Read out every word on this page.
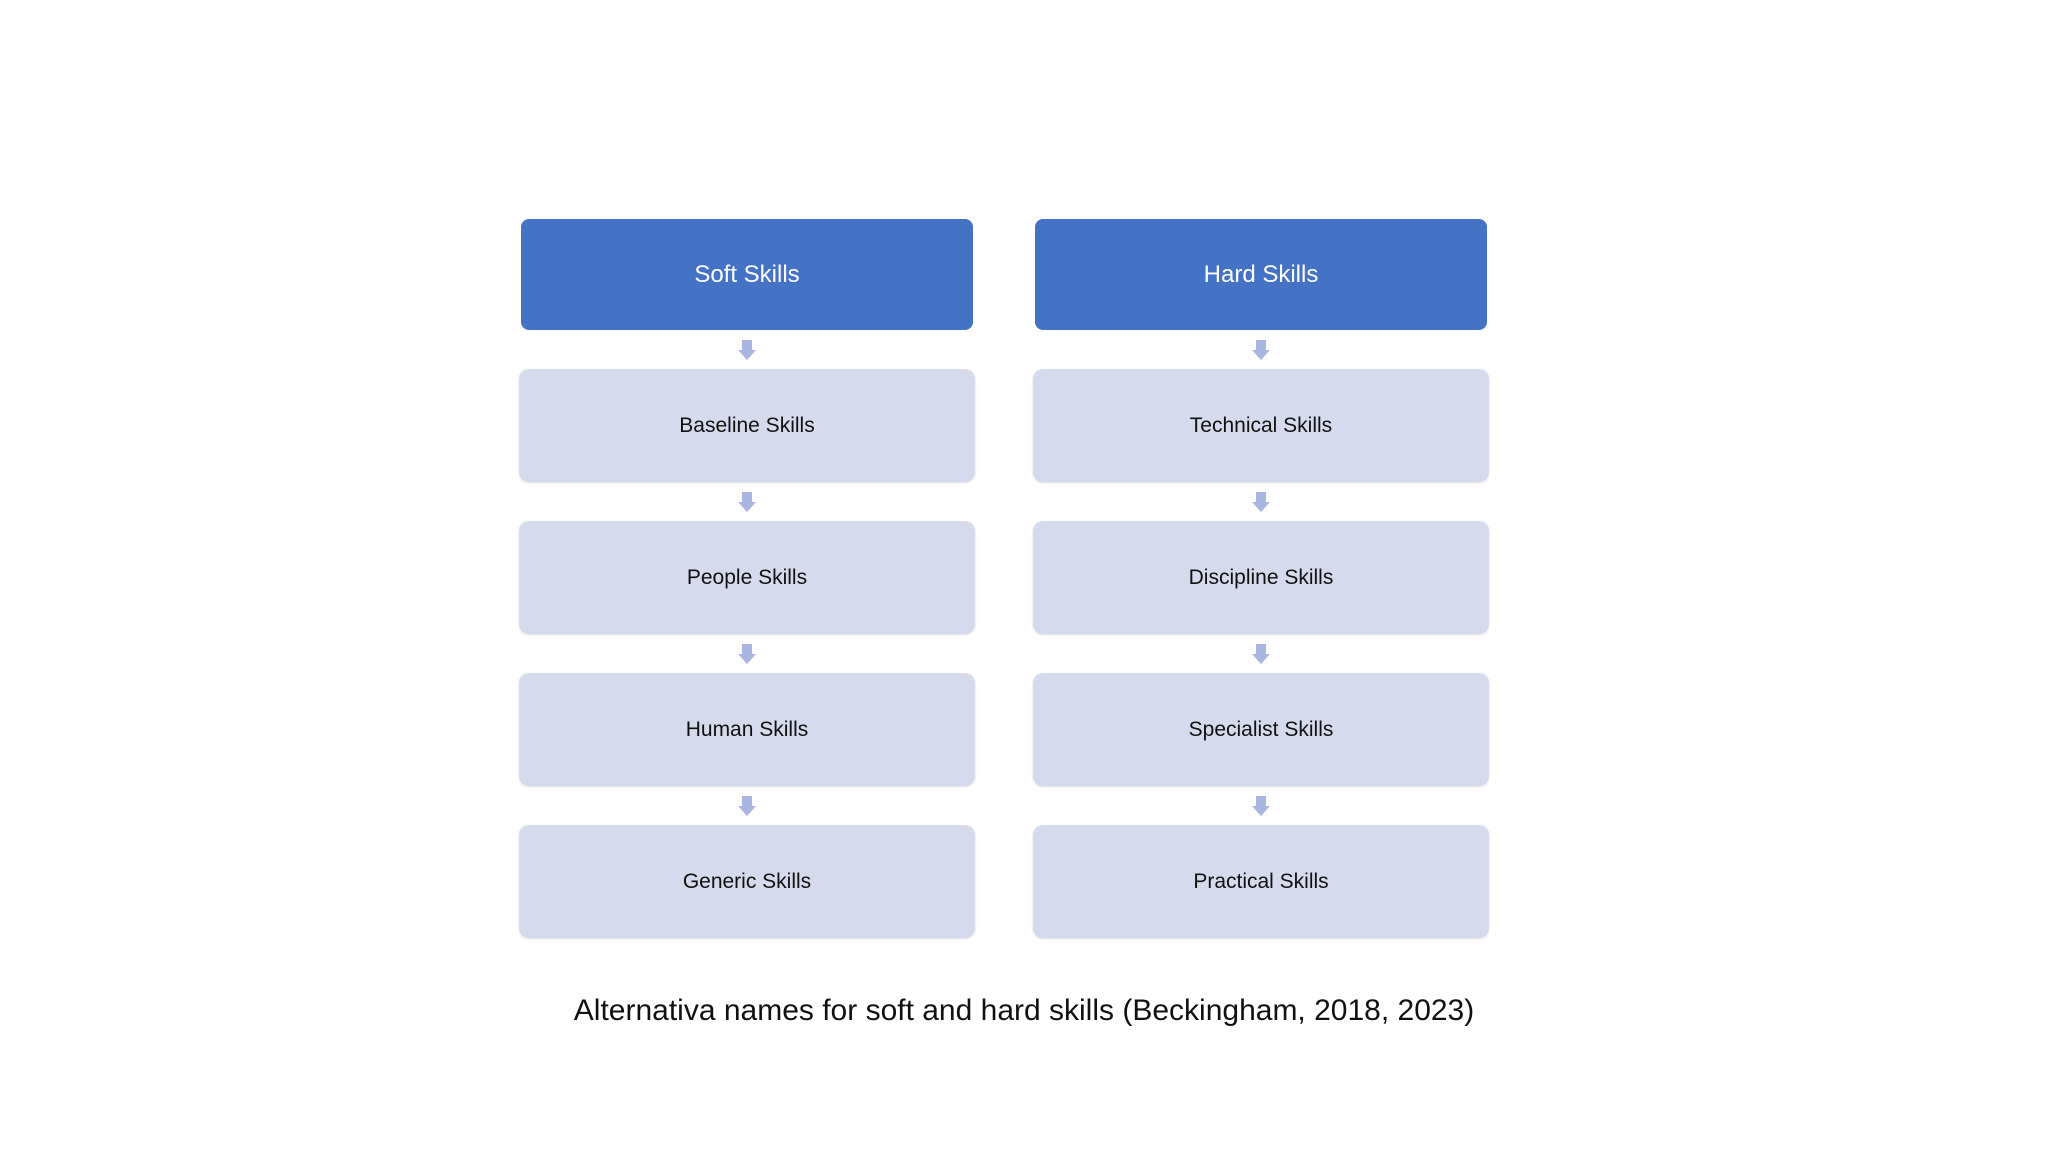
Soft Skills
Baseline Skills
People Skills
Human Skills
Generic Skills
Hard Skills
Technical Skills
Discipline Skills
Specialist Skills
Practical Skills
Alternativa names for soft and hard skills (Beckingham, 2018, 2023)
